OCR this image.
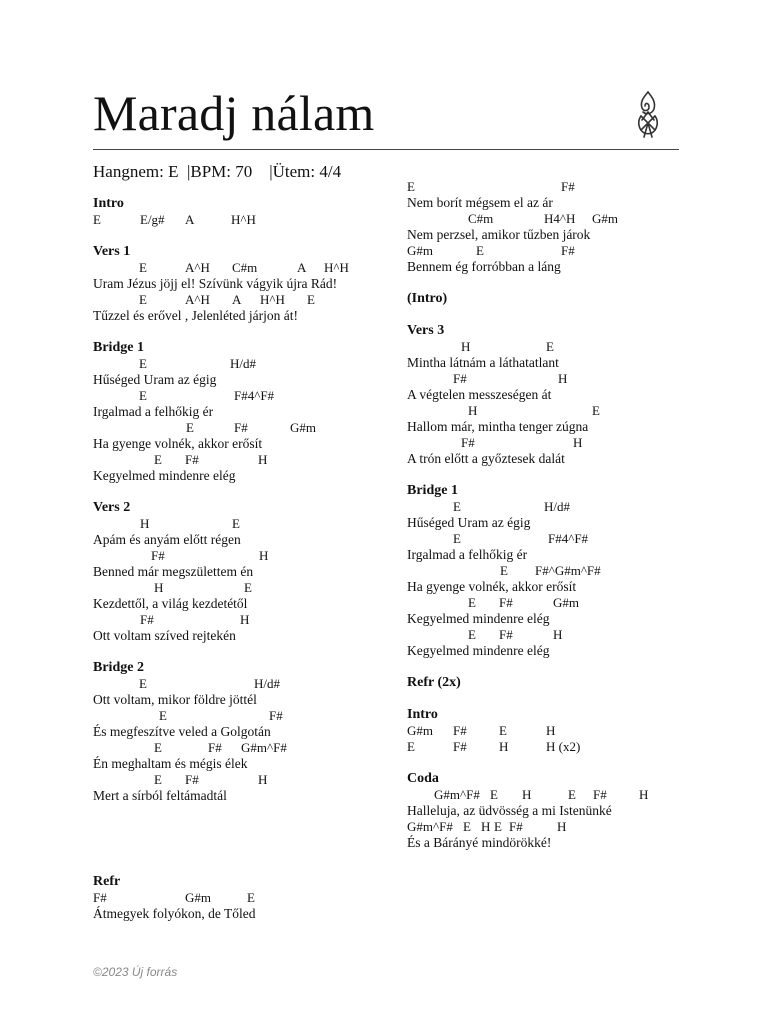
Maradj nálam
Hangnem: E  |BPM: 70    |Ütem: 4/4
Intro
E	E/g# A	H^H
Vers 1
E	A^H C#m	A H^H
Uram Jézus jöjj el! Szívünk vágyik újra Rád!
E	A^H A H^H E
Tűzzel és erővel , Jelenléted járjon át!
Bridge 1
E	H/d#
Hűséged Uram az égig
E	F#4^F#
Irgalmad a felhőkig ér
E	F#	G#m
Ha gyenge volnék, akkor erősít
E F#	H
Kegyelmed mindenre elég
Vers 2
H	E
Apám és anyám előtt régen
F#	H
Benned már megszülettem én
H	E
Kezdettől, a világ kezdetétől
F#	H
Ott voltam szíved rejtekén
Bridge 2
E	H/d#
Ott voltam, mikor földre jöttél
E	F#
És megfeszítve veled a Golgotán
E	F# G#m^F#
Én meghaltam és mégis élek
E F#	H
Mert a sírból feltámadtál
Refr
F#	G#m	E
Átmegyek folyókon, de Tőled
E	F#
Nem borít mégsem el az ár
C#m	H4^H G#m
Nem perzsel, amikor tűzben járok
G#m	E	F#
Bennem ég forróbban a láng
(Intro)
Vers 3
H	E
Mintha látnám a láthatatlant
F#	H
A végtelen messzeségen át
H	E
Hallom már, mintha tenger zúgna
F#	H
A trón előtt a győztesek dalát
Bridge 1
E	H/d#
Hűséged Uram az égig
E	F#4^F#
Irgalmad a felhőkig ér
E F#^G#m^F#
Ha gyenge volnék, akkor erősít
E F#	G#m
Kegyelmed mindenre elég
E F#	H
Kegyelmed mindenre elég
Refr (2x)
Intro
G#m F# E	H
E	F# H	H (x2)
Coda
G#m^F# E H	E F# H
Halleluja, az üdvösség a mi Istenünké
G#m^F# E H E F#	H
És a Bárányé mindörökké!
©2023 Új forrás
